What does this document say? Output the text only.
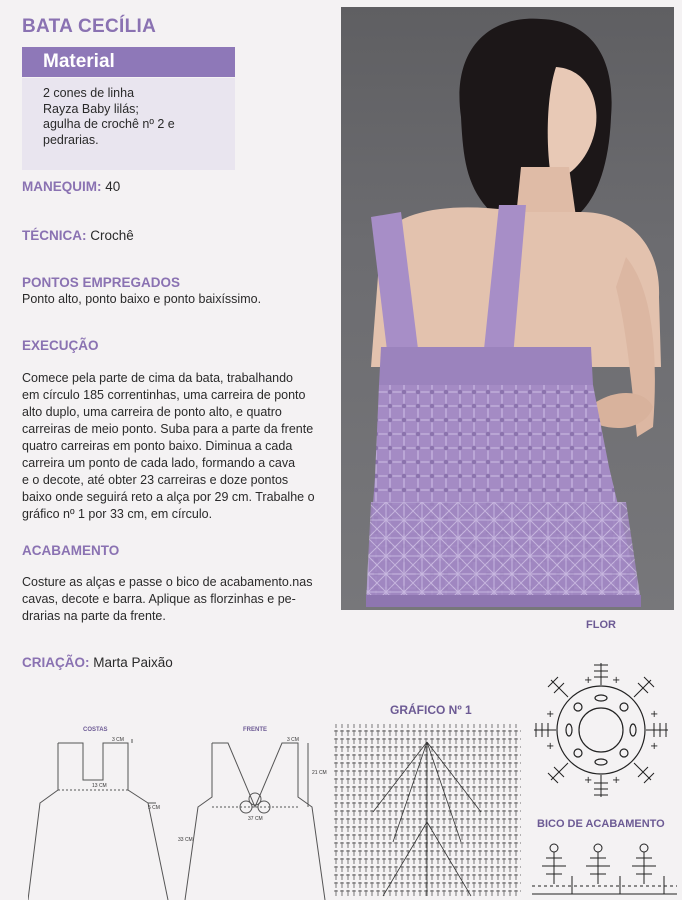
BATA CECÍLIA
Material
2 cones de linha
Rayza Baby lilás;
agulha de crochê nº 2 e
pedrarias.
MANEQUIM: 40
TÉCNICA: Crochê
PONTOS EMPREGADOS
Ponto alto, ponto baixo e ponto baixíssimo.
EXECUÇÃO
Comece pela parte de cima da bata, trabalhando
em círculo 185 correntinhas, uma carreira de ponto
alto duplo, uma carreira de ponto alto, e quatro
carreiras de meio ponto. Suba para a parte da frente
quatro carreiras em ponto baixo. Diminua a cada
carreira um ponto de cada lado, formando a cava
e o decote, até obter 23 carreiras e doze pontos
baixo onde seguirá reto a alça por 29 cm. Trabalhe o
gráfico nº 1 por 33 cm, em círculo.
ACABAMENTO
Costure as alças e passe o bico de acabamento.nas
cavas, decote e barra. Aplique as florzinhas e pe-
drarias na parte da frente.
CRIAÇÃO: Marta Paixão
FLOR
GRÁFICO Nº 1
BICO DE ACABAMENTO
COSTAS	FRENTE
+ +
+ +
+
+
+
+
3 CM
13 CM
5 CM
3 CM
21 CM
37 CM
33 CM
